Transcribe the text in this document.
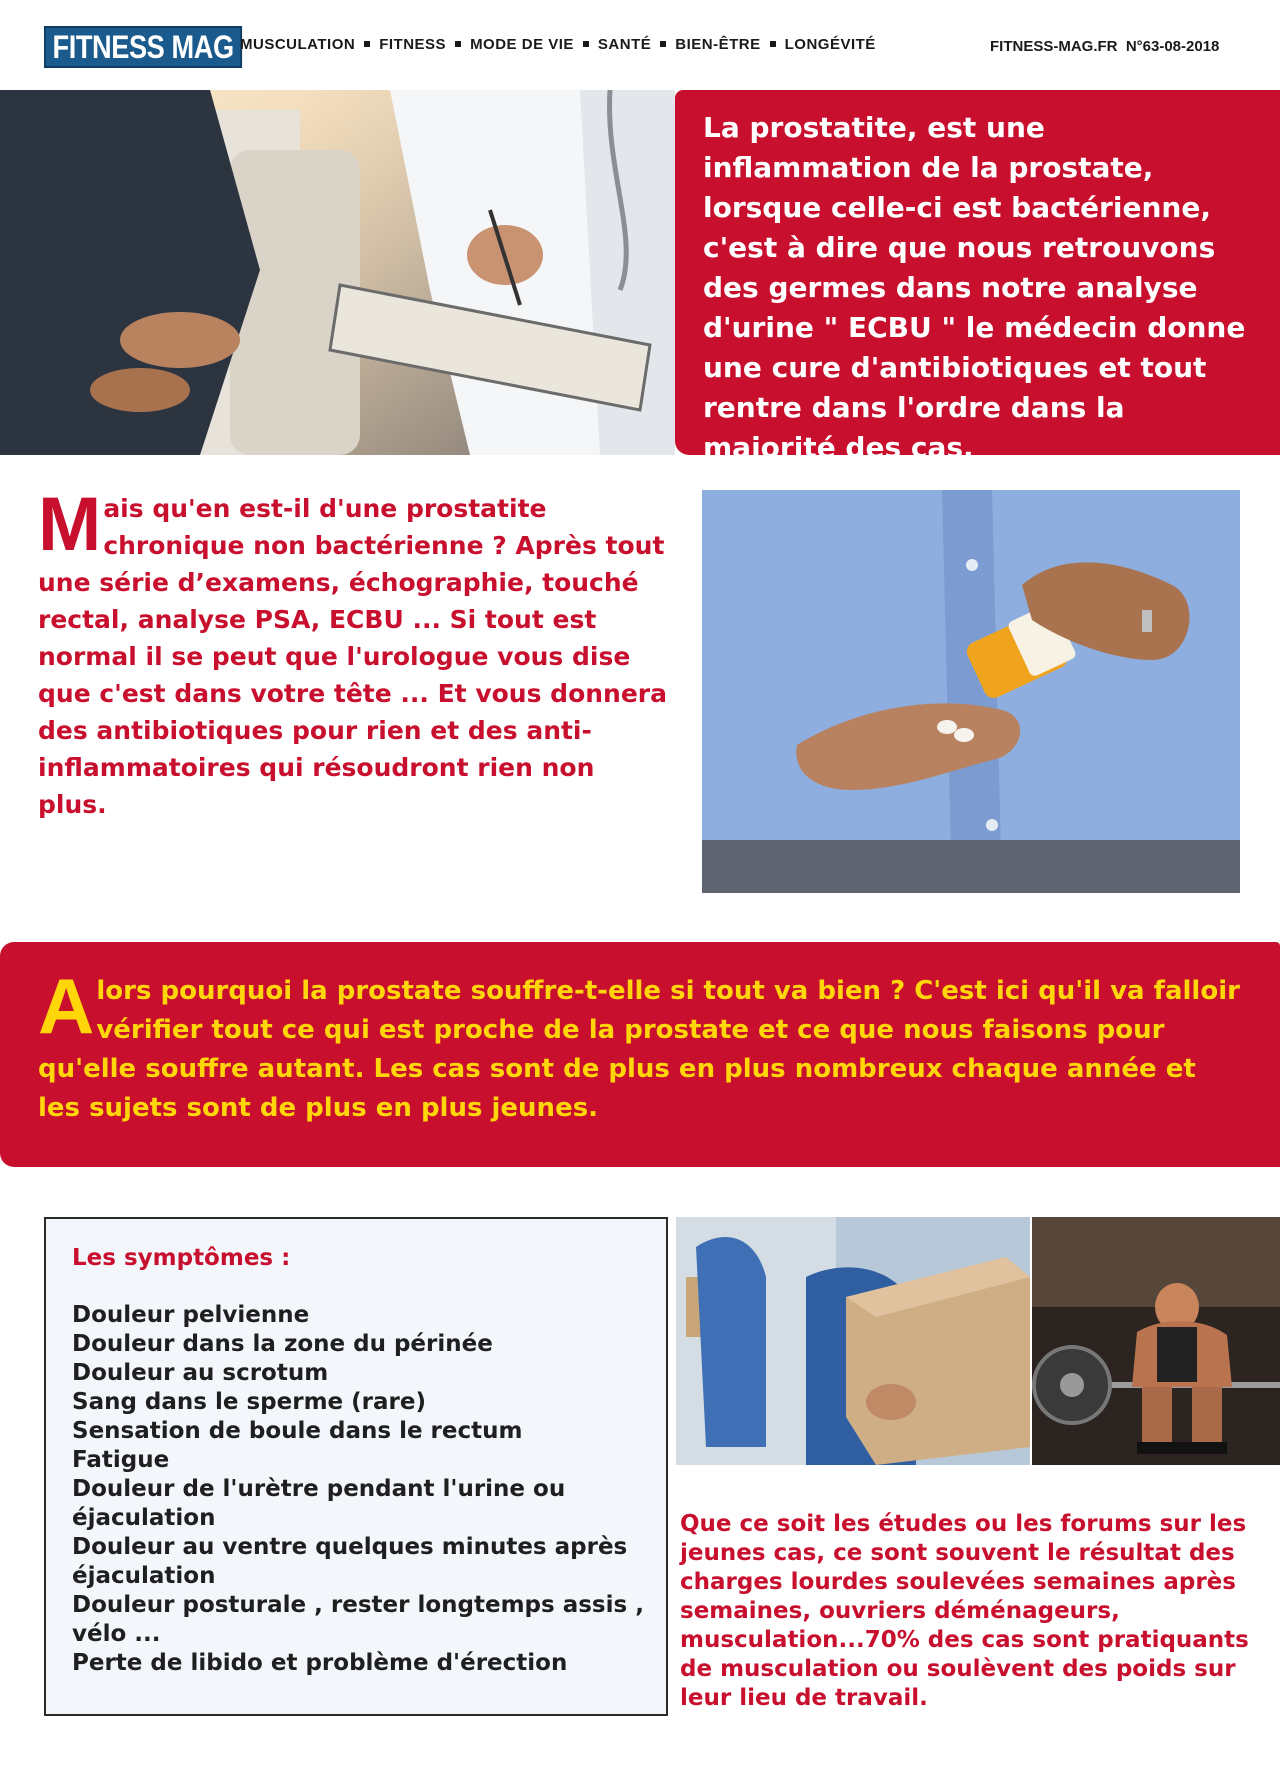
FITNESS MAG MUSCULATION FITNESS MODE DE VIE SANTÉ BIEN-ÊTRE LONGÉVITÉ	FITNESS-MAG.FR  N°63-08-2018

La prostatite, est une inflammation de la prostate, lorsque celle-ci est bactérienne, c'est à dire que nous retrouvons des germes dans notre analyse d'urine " ECBU " le médecin donne une cure d'antibiotiques et tout rentre dans l'ordre dans la majorité des cas.

Mais qu'en est-il d'une prostatite chronique non bactérienne ? Après tout une série d’examens, échographie, touché rectal, analyse PSA, ECBU ... Si tout est normal il se peut que l'urologue vous dise que c'est dans votre tête ... Et vous donnera des antibiotiques pour rien et des anti-inflammatoires qui résoudront rien non plus.

Alors pourquoi la prostate souffre-t-elle si tout va bien ? C'est ici qu'il va falloir vérifier tout ce qui est proche de la prostate et ce que nous faisons pour qu'elle souffre autant. Les cas sont de plus en plus nombreux chaque année et les sujets sont de plus en plus jeunes.

Les symptômes :
Douleur pelvienne
Douleur dans la zone du périnée
Douleur au scrotum
Sang dans le sperme (rare)
Sensation de boule dans le rectum
Fatigue
Douleur de l'urètre pendant l'urine ou éjaculation
Douleur au ventre quelques minutes après éjaculation
Douleur posturale , rester longtemps assis , vélo ...
Perte de libido et problème d'érection
Que ce soit les études ou les forums sur les jeunes cas, ce sont souvent le résultat des charges lourdes soulevées semaines après semaines, ouvriers déménageurs, musculation...70% des cas sont pratiquants de musculation ou soulèvent des poids sur leur lieu de travail.
